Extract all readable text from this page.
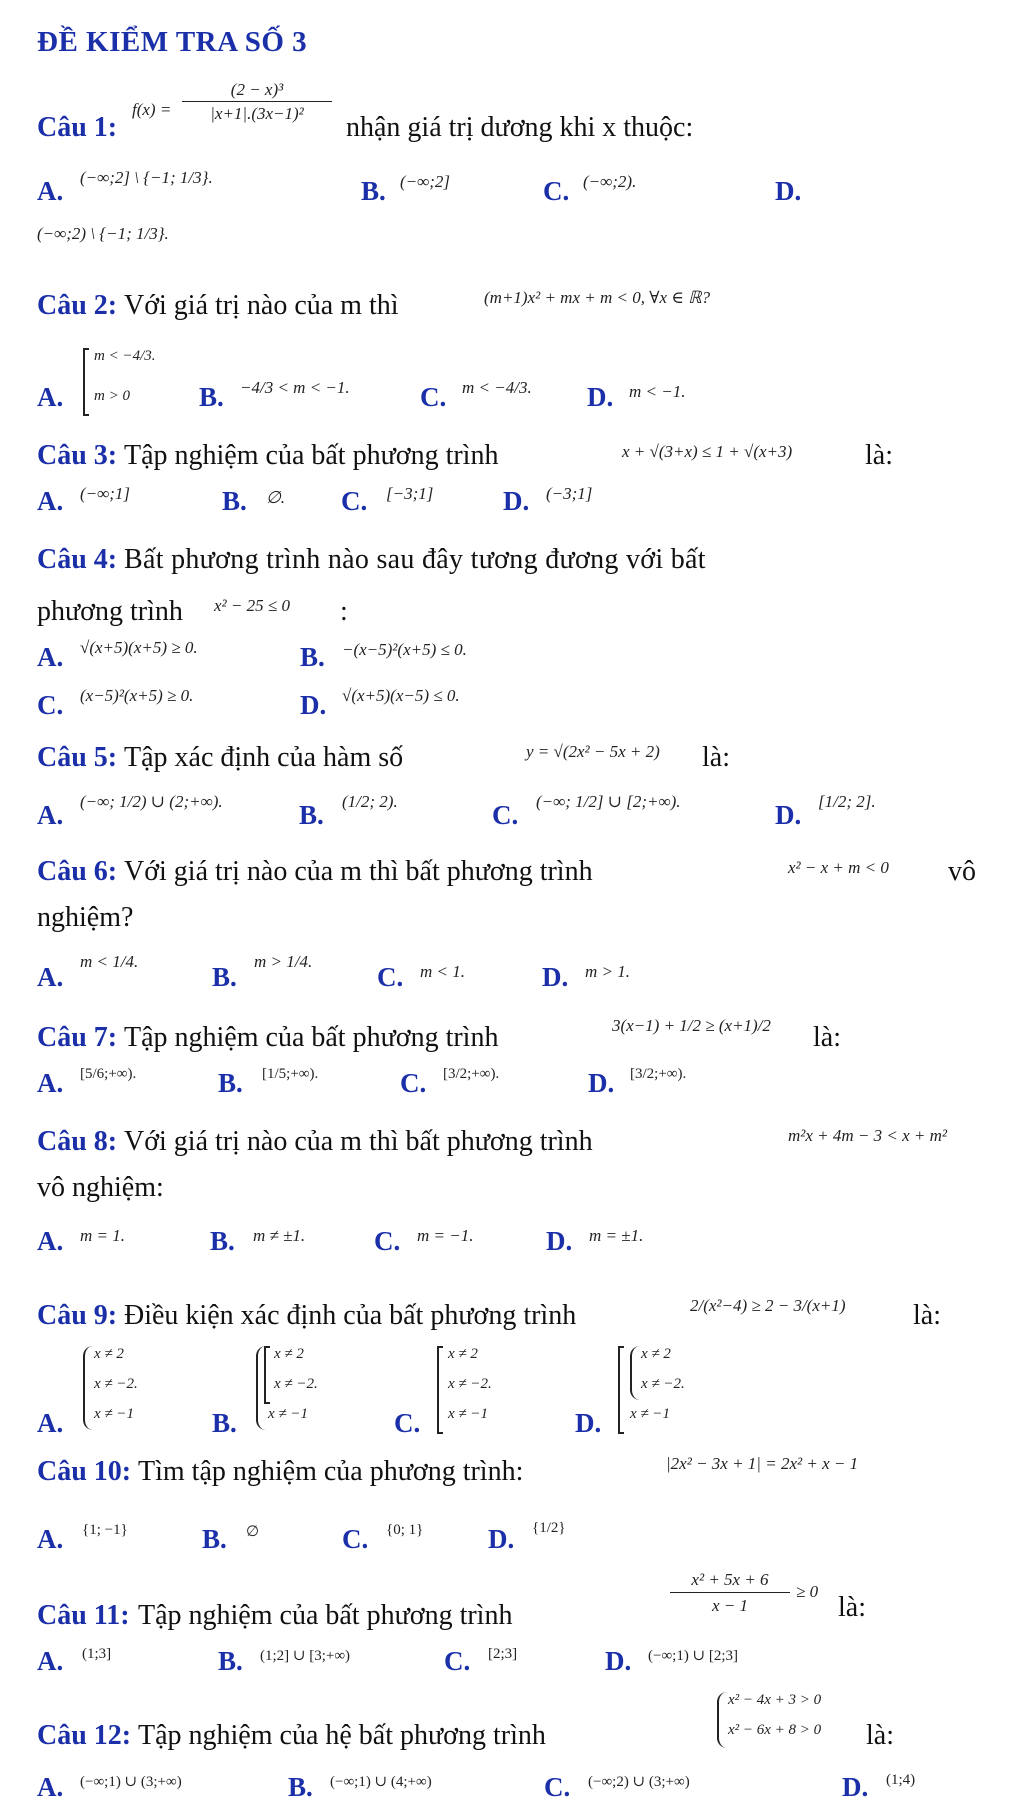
ĐỀ KIỂM TRA SỐ 3
Câu 1:
f(x) =
(2 − x)³
|x+1|.(3x−1)²	nhận giá trị dương khi x thuộc:
A. (−∞;2] \ {−1; 1/3}.	B. (−∞;2]	C. (−∞;2).	D.
(−∞;2) \ {−1; 1/3}.
Câu 2: Với giá trị nào của m thì	(m+1)x² + mx + m < 0, ∀x ∈ ℝ?
A.
m < −4/3.
m > 0	B. −4/3 < m < −1.	C. m < −4/3. D. m < −1.
Câu 3: Tập nghiệm của bất phương trình	x + √(3+x) ≤ 1 + √(x+3)	là:
A. (−∞;1]	B. ∅. C. [−3;1]	D. (−3;1]
Câu 4: Bất phương trình nào sau đây tương đương với bất
phương trình x² − 25 ≤ 0 :
A. √(x+5)(x+5) ≥ 0.	B. −(x−5)²(x+5) ≤ 0.
C. (x−5)²(x+5) ≥ 0.	D. √(x+5)(x−5) ≤ 0.
Câu 5: Tập xác định của hàm số	y = √(2x² − 5x + 2) là:
A. (−∞; 1/2) ∪ (2;+∞).	B. (1/2; 2).	C. (−∞; 1/2] ∪ [2;+∞).	D. [1/2; 2].
Câu 6: Với giá trị nào của m thì bất phương trình	x² − x + m < 0 vô
nghiệm?
A.
m < 1/4.
B.
m > 1/4.
C. m < 1.	D. m > 1.
Câu 7: Tập nghiệm của bất phương trình	3(x−1) + 1/2 ≥ (x+1)/2 là:
A. [5/6;+∞).	B. [1/5;+∞).	C. [3/2;+∞).	D. [3/2;+∞).
Câu 8: Với giá trị nào của m thì bất phương trình	m²x + 4m − 3 < x + m²
vô nghiệm:
A. m = 1.	B. m ≠ ±1.	C. m = −1.	D. m = ±1.
Câu 9: Điều kiện xác định của bất phương trình	2/(x²−4) ≥ 2 − 3/(x+1) là:
A.
x ≠ 2
x ≠ −2.
x ≠ −1	B.
x ≠ 2
x ≠ −2.
x ≠ −1	C.
x ≠ 2
x ≠ −2.
x ≠ −1	D.
x ≠ 2
x ≠ −2.
x ≠ −1
Câu 10: Tìm tập nghiệm của phương trình:	|2x² − 3x + 1| = 2x² + x − 1
A. {1; −1}	B. ∅	C. {0; 1} D. {1/2}
Câu 11: Tập nghiệm của bất phương trình
x² + 5x + 6
x − 1
≥ 0
là:
A. (1;3]	B. (1;2] ∪ [3;+∞)	C. [2;3]	D. (−∞;1) ∪ [2;3]
Câu 12: Tập nghiệm của hệ bất phương trình
x² − 4x + 3 > 0
x² − 6x + 8 > 0 là:
A. (−∞;1) ∪ (3;+∞)	B. (−∞;1) ∪ (4;+∞)	C. (−∞;2) ∪ (3;+∞)	D. (1;4)
